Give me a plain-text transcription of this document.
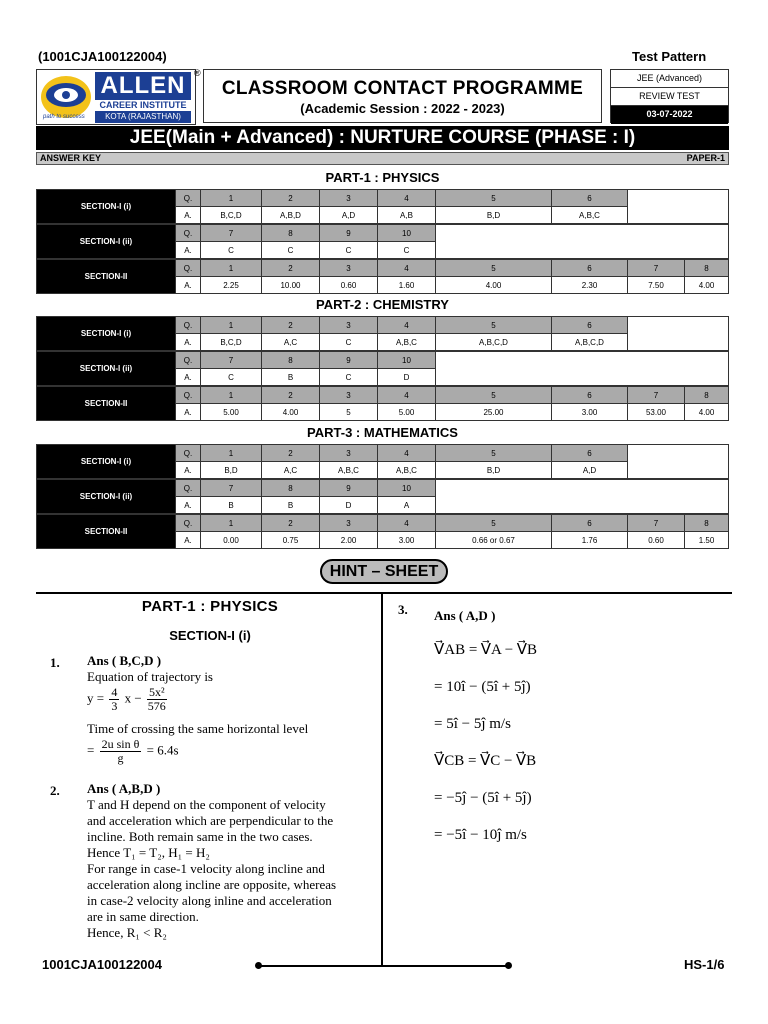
(1001CJA100122004)	Test Pattern
path to success
ALLEN
CAREER INSTITUTE
KOTA (RAJASTHAN)
®
CLASSROOM CONTACT PROGRAMME
(Academic Session : 2022 - 2023)
JEE (Advanced)
REVIEW TEST
03-07-2022
JEE(Main + Advanced) : NURTURE COURSE (PHASE : I)
ANSWER KEY	PAPER-1
PART-1 : PHYSICS
SECTION-I (i)	Q.	1	2	3	4	5	6	
	A.	B,C,D	A,B,D	A,D	A,B	B,D	A,B,C	
SECTION-I (ii)	Q.	7	8	9	10	
	A.	C	C	C	C	
SECTION-II	Q.	1	2	3	4	5	6	7	8
	A.	2.25	10.00	0.60	1.60	4.00	2.30	7.50	4.00
PART-2 : CHEMISTRY
SECTION-I (i)	Q.	1	2	3	4	5	6	
	A.	B,C,D	A,C	C	A,B,C	A,B,C,D	A,B,C,D	
SECTION-I (ii)	Q.	7	8	9	10	
	A.	C	B	C	D	
SECTION-II	Q.	1	2	3	4	5	6	7	8
	A.	5.00	4.00	5	5.00	25.00	3.00	53.00	4.00
PART-3 : MATHEMATICS
SECTION-I (i)	Q.	1	2	3	4	5	6	
	A.	B,D	A,C	A,B,C	A,B,C	B,D	A,D	
SECTION-I (ii)	Q.	7	8	9	10	
	A.	B	B	D	A	
SECTION-II	Q.	1	2	3	4	5	6	7	8
	A.	0.00	0.75	2.00	3.00	0.66 or 0.67	1.76	0.60	1.50
HINT – SHEET
PART-1 : PHYSICS
SECTION-I (i)
1. Ans ( B,C,D )
Equation of trajectory is
$y = \frac{4}{3}$ $x - \frac{\text{5x²}}{576}$
Time of crossing the same horizontal level
= $\frac{\text{2u sin θ}}{g} = 6.4s$
2. Ans ( A,B,D )
T and H depend on the component of velocity
and acceleration which are perpendicular to the
incline. Both remain same in the two cases.
Hence T₁ = T₂, H₁ = H₂
For range in case-1 velocity along incline and
acceleration along incline are opposite, whereas
in case-2 velocity along inline and acceleration
are in same direction.
Hence, R₁ < R₂
3. Ans ( A,D )
V⃗AB = V⃗A − V⃗B
= 10î − (5î + 5ĵ)
= 5î − 5ĵ m/s
V⃗CB = V⃗C − V⃗B
= −5ĵ − (5î + 5ĵ)
= −5î − 10ĵ m/s
1001CJA100122004	HS-1/6
